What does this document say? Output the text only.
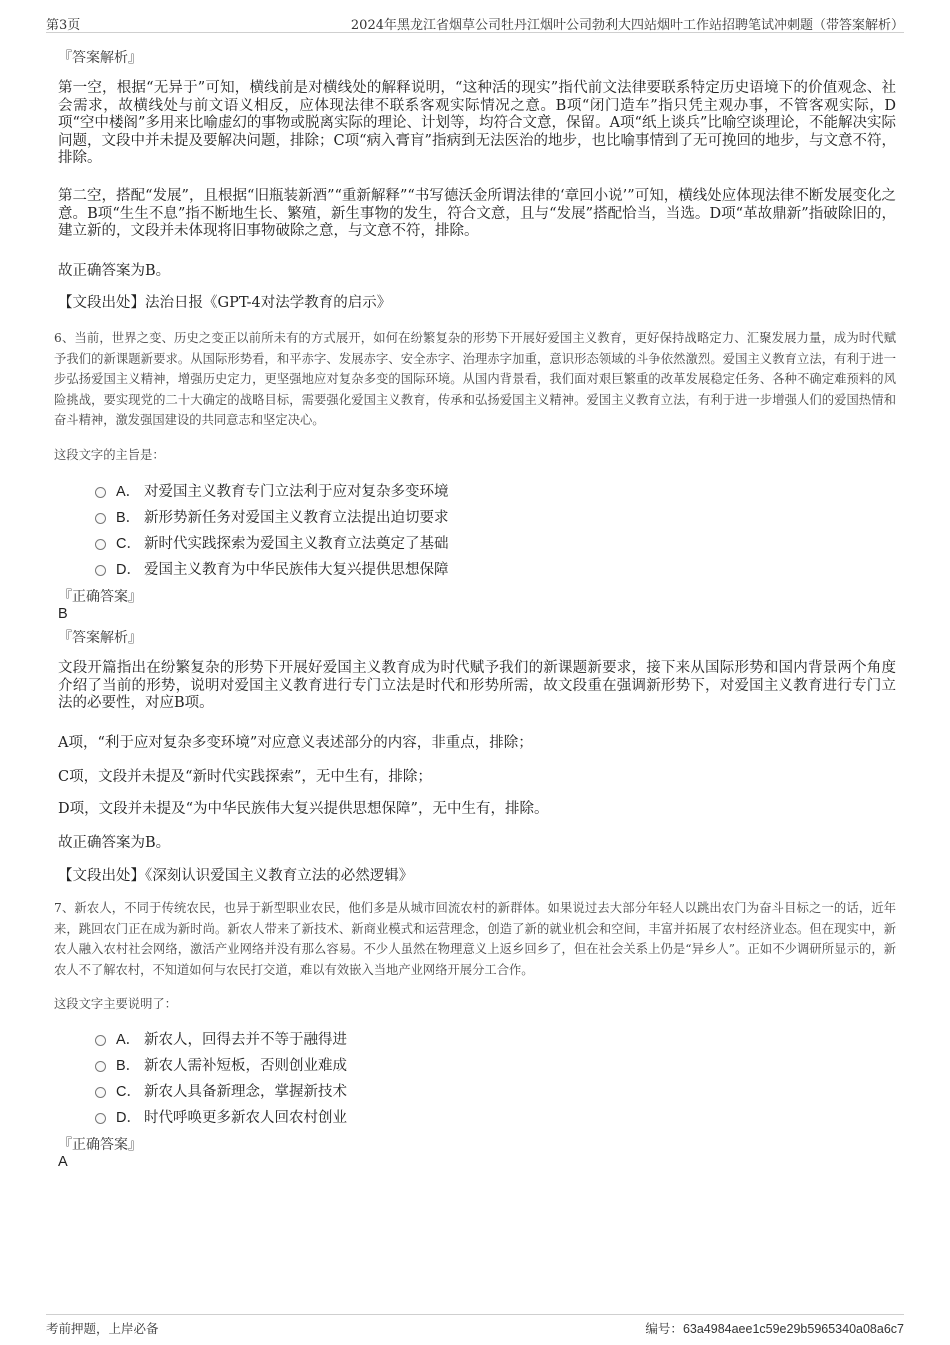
第3页	2024年黑龙江省烟草公司牡丹江烟叶公司勃利大四站烟叶工作站招聘笔试冲刺题（带答案解析）
『答案解析』

第一空，根据“无异于”可知，横线前是对横线处的解释说明，“这种活的现实”指代前文法律要联系特定历史语境下的价值观念、社会需求，故横线处与前文语义相反，应体现法律不联系客观实际情况之意。B项“闭门造车”指只凭主观办事，不管客观实际，D项“空中楼阁”多用来比喻虚幻的事物或脱离实际的理论、计划等，均符合文意，保留。A项“纸上谈兵”比喻空谈理论，不能解决实际问题，文段中并未提及要解决问题，排除；C项“病入膏肓”指病到无法医治的地步，也比喻事情到了无可挽回的地步，与文意不符，排除。

第二空，搭配“发展”，且根据“旧瓶装新酒”“重新解释”“书写德沃金所谓法律的‘章回小说’”可知，横线处应体现法律不断发展变化之意。B项“生生不息”指不断地生长、繁殖，新生事物的发生，符合文意，且与“发展”搭配恰当，当选。D项“革故鼎新”指破除旧的，建立新的，文段并未体现将旧事物破除之意，与文意不符，排除。

故正确答案为B。
【文段出处】法治日报《GPT-4对法学教育的启示》

6、当前，世界之变、历史之变正以前所未有的方式展开，如何在纷繁复杂的形势下开展好爱国主义教育，更好保持战略定力、汇聚发展力量，成为时代赋予我们的新课题新要求。从国际形势看，和平赤字、发展赤字、安全赤字、治理赤字加重，意识形态领域的斗争依然激烈。爱国主义教育立法，有利于进一步弘扬爱国主义精神，增强历史定力，更坚强地应对复杂多变的国际环境。从国内背景看，我们面对艰巨繁重的改革发展稳定任务、各种不确定难预料的风险挑战，要实现党的二十大确定的战略目标，需要强化爱国主义教育，传承和弘扬爱国主义精神。爱国主义教育立法，有利于进一步增强人们的爱国热情和奋斗精神，激发强国建设的共同意志和坚定决心。

这段文字的主旨是：
A． 对爱国主义教育专门立法利于应对复杂多变环境
B． 新形势新任务对爱国主义教育立法提出迫切要求
C． 新时代实践探索为爱国主义教育立法奠定了基础
D． 爱国主义教育为中华民族伟大复兴提供思想保障
『正确答案』
B
『答案解析』

文段开篇指出在纷繁复杂的形势下开展好爱国主义教育成为时代赋予我们的新课题新要求，接下来从国际形势和国内背景两个角度介绍了当前的形势，说明对爱国主义教育进行专门立法是时代和形势所需，故文段重在强调新形势下，对爱国主义教育进行专门立法的必要性，对应B项。

A项，“利于应对复杂多变环境”对应意义表述部分的内容，非重点，排除；
C项，文段并未提及“新时代实践探索”，无中生有，排除；
D项，文段并未提及“为中华民族伟大复兴提供思想保障”，无中生有，排除。
故正确答案为B。
【文段出处】《深刻认识爱国主义教育立法的必然逻辑》

7、新农人，不同于传统农民，也异于新型职业农民，他们多是从城市回流农村的新群体。如果说过去大部分年轻人以跳出农门为奋斗目标之一的话，近年来，跳回农门正在成为新时尚。新农人带来了新技术、新商业模式和运营理念，创造了新的就业机会和空间，丰富并拓展了农村经济业态。但在现实中，新农人融入农村社会网络，激活产业网络并没有那么容易。不少人虽然在物理意义上返乡回乡了，但在社会关系上仍是“异乡人”。正如不少调研所显示的，新农人不了解农村，不知道如何与农民打交道，难以有效嵌入当地产业网络开展分工合作。

这段文字主要说明了：
A． 新农人，回得去并不等于融得进
B． 新农人需补短板，否则创业难成
C． 新农人具备新理念，掌握新技术
D． 时代呼唤更多新农人回农村创业
『正确答案』
A
考前押题，上岸必备	编号：63a4984aee1c59e29b5965340a08a6c7
